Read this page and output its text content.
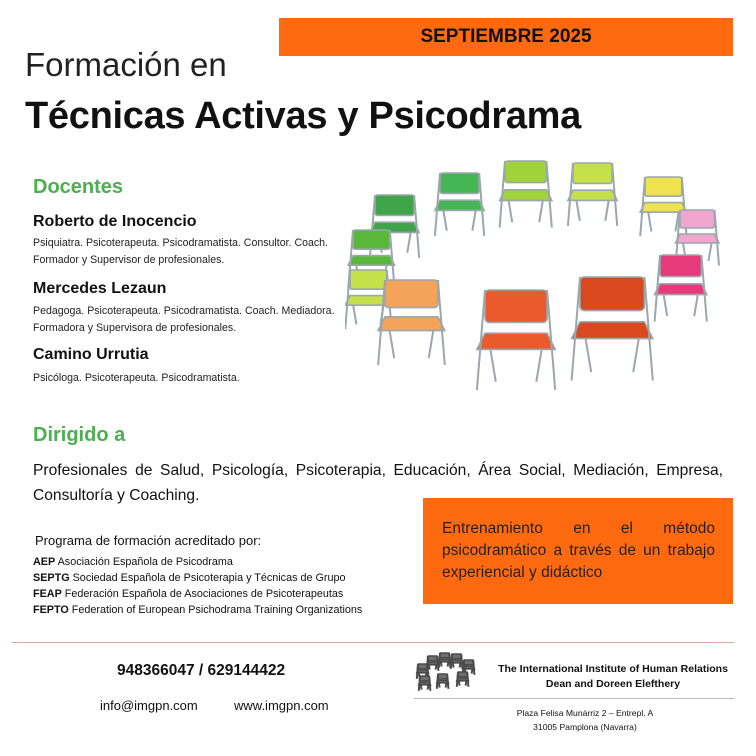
SEPTIEMBRE 2025
Formación en
Técnicas Activas y Psicodrama
Docentes
Roberto de Inocencio
Psiquiatra. Psicoterapeuta. Psicodramatista. Consultor. Coach. Formador y Supervisor de profesionales.
Mercedes Lezaun
Pedagoga. Psicoterapeuta. Psicodramatista. Coach. Mediadora. Formadora y Supervisora de profesionales.
Camino Urrutia
Psicóloga. Psicoterapeuta. Psicodramatista.
Dirigido a
Profesionales de Salud, Psicología, Psicoterapia, Educación, Área Social, Mediación, Empresa, Consultoría y Coaching.
Programa de formación acreditado por:
AEP Asociación Española de Psicodrama
SEPTG Sociedad Española de Psicoterapia y Técnicas de Grupo
FEAP Federación Española de Asociaciones de Psicoterapeutas
FEPTO Federation of European Psichodrama Training Organizations
Entrenamiento en el método psicodramático a través de un trabajo experiencial y didáctico
948366047 / 629144422
info@imgpn.com	www.imgpn.com
The International Institute of Human Relations
Dean and Doreen Elefthery
Plaza Felisa Munárriz 2 – Entrepl. A
31005 Pamplona (Navarra)
